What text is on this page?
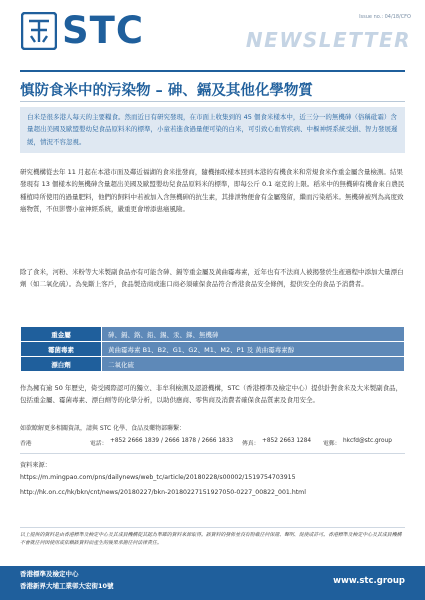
STC	Issue no.: 04/18/CFO
NEWSLETTER
慎防食米中的污染物 – 砷、鎘及其他化學物質
白米是很多港人每天的主要糧食。然而近日有研究發現，在市面上收集到的 45 個食米樣本中，近三分一的無機砷（俗稱砒霜）含量超出美國及歐盟嬰幼兒食品原料米的標準，小童若進食過量便可染的白米，可引致心血管疾病、中樞神經系統受損、智力發展遲緩，情況不容忽視。
研究機構從去年 11 月起在本港市面及鄰近福湖的食米批發商，隨機抽取樣本回到本港的有機食米和常規食米作重金屬含量檢測。結果發現有 13 個樣本的無機砷含量超出美國及歐盟嬰幼兒食品原料米的標準，即每公斤 0.1 毫克的上限。稻米中的無機砷有機會來自農民種植時所使用的過量肥料，他們的飼料中若被加入含無機砷的抗生素，其排泄物便會有金屬殘留，繼而污染稻米。無機砷被列為高度致癌物質，不但影響小童神經系統，嚴重更會增添患癌風險。
除了食米，河粉、米粉等大米製副食品亦有可能含砷、鎘等重金屬及黃曲霉毒素，近年也有不法商人被揭發於生產過程中添加大量漂白劑（如二氧化硫）。為免斷上客戶，食品製造商或進口商必須確保食品符合香港食品安全條例，提供安全的食品予消費者。
重金屬	砷、鎘、鉻、鉛、錫、汞、銻、無機砷
霉菌毒素	黃曲霉毒素 B1、B2、G1、G2、M1、M2、P1 及 黃曲霉毒素醇
漂白劑	二氧化硫
作為擁有逾 50 年歷史，倚受國際認可的獨立、非牟利檢測及認證機構，STC（香港標準及檢定中心）提供針對食米及大米製副食品，包括重金屬、霉菌毒素、漂白劑等的化學分析，以助供應商、零售商及消費者確保食品質素及食用安全。
如欲瞭解更多相關資訊，請與 STC 化學、食品及藥物部聯繫：
香港	電話： +852 2666 1839 / 2666 1878 / 2666 1833 傳真： +852 2663 1284 電郵： hkcfd@stc.group
資料來源：
https://m.mingpao.com/pns/dailynews/web_tc/article/20180228/s00002/1519754703915
http://hk.on.cc/hk/bkn/cnt/news/20180227/bkn-20180227151927050-0227_00822_001.html
以上提供的資料是由香港標準及檢定中心及其成員機構從其認為準確的資料來源取得。該資料的發佈並沒有附載任何保證、聲明、促使或許可。香港標準及檢定中心及其成員機構不會就任何因使用或依賴該資料而產生的後果承擔任何法律責任。
香港標準及檢定中心
香港新界大埔工業邨大宏街10號	www.stc.group
